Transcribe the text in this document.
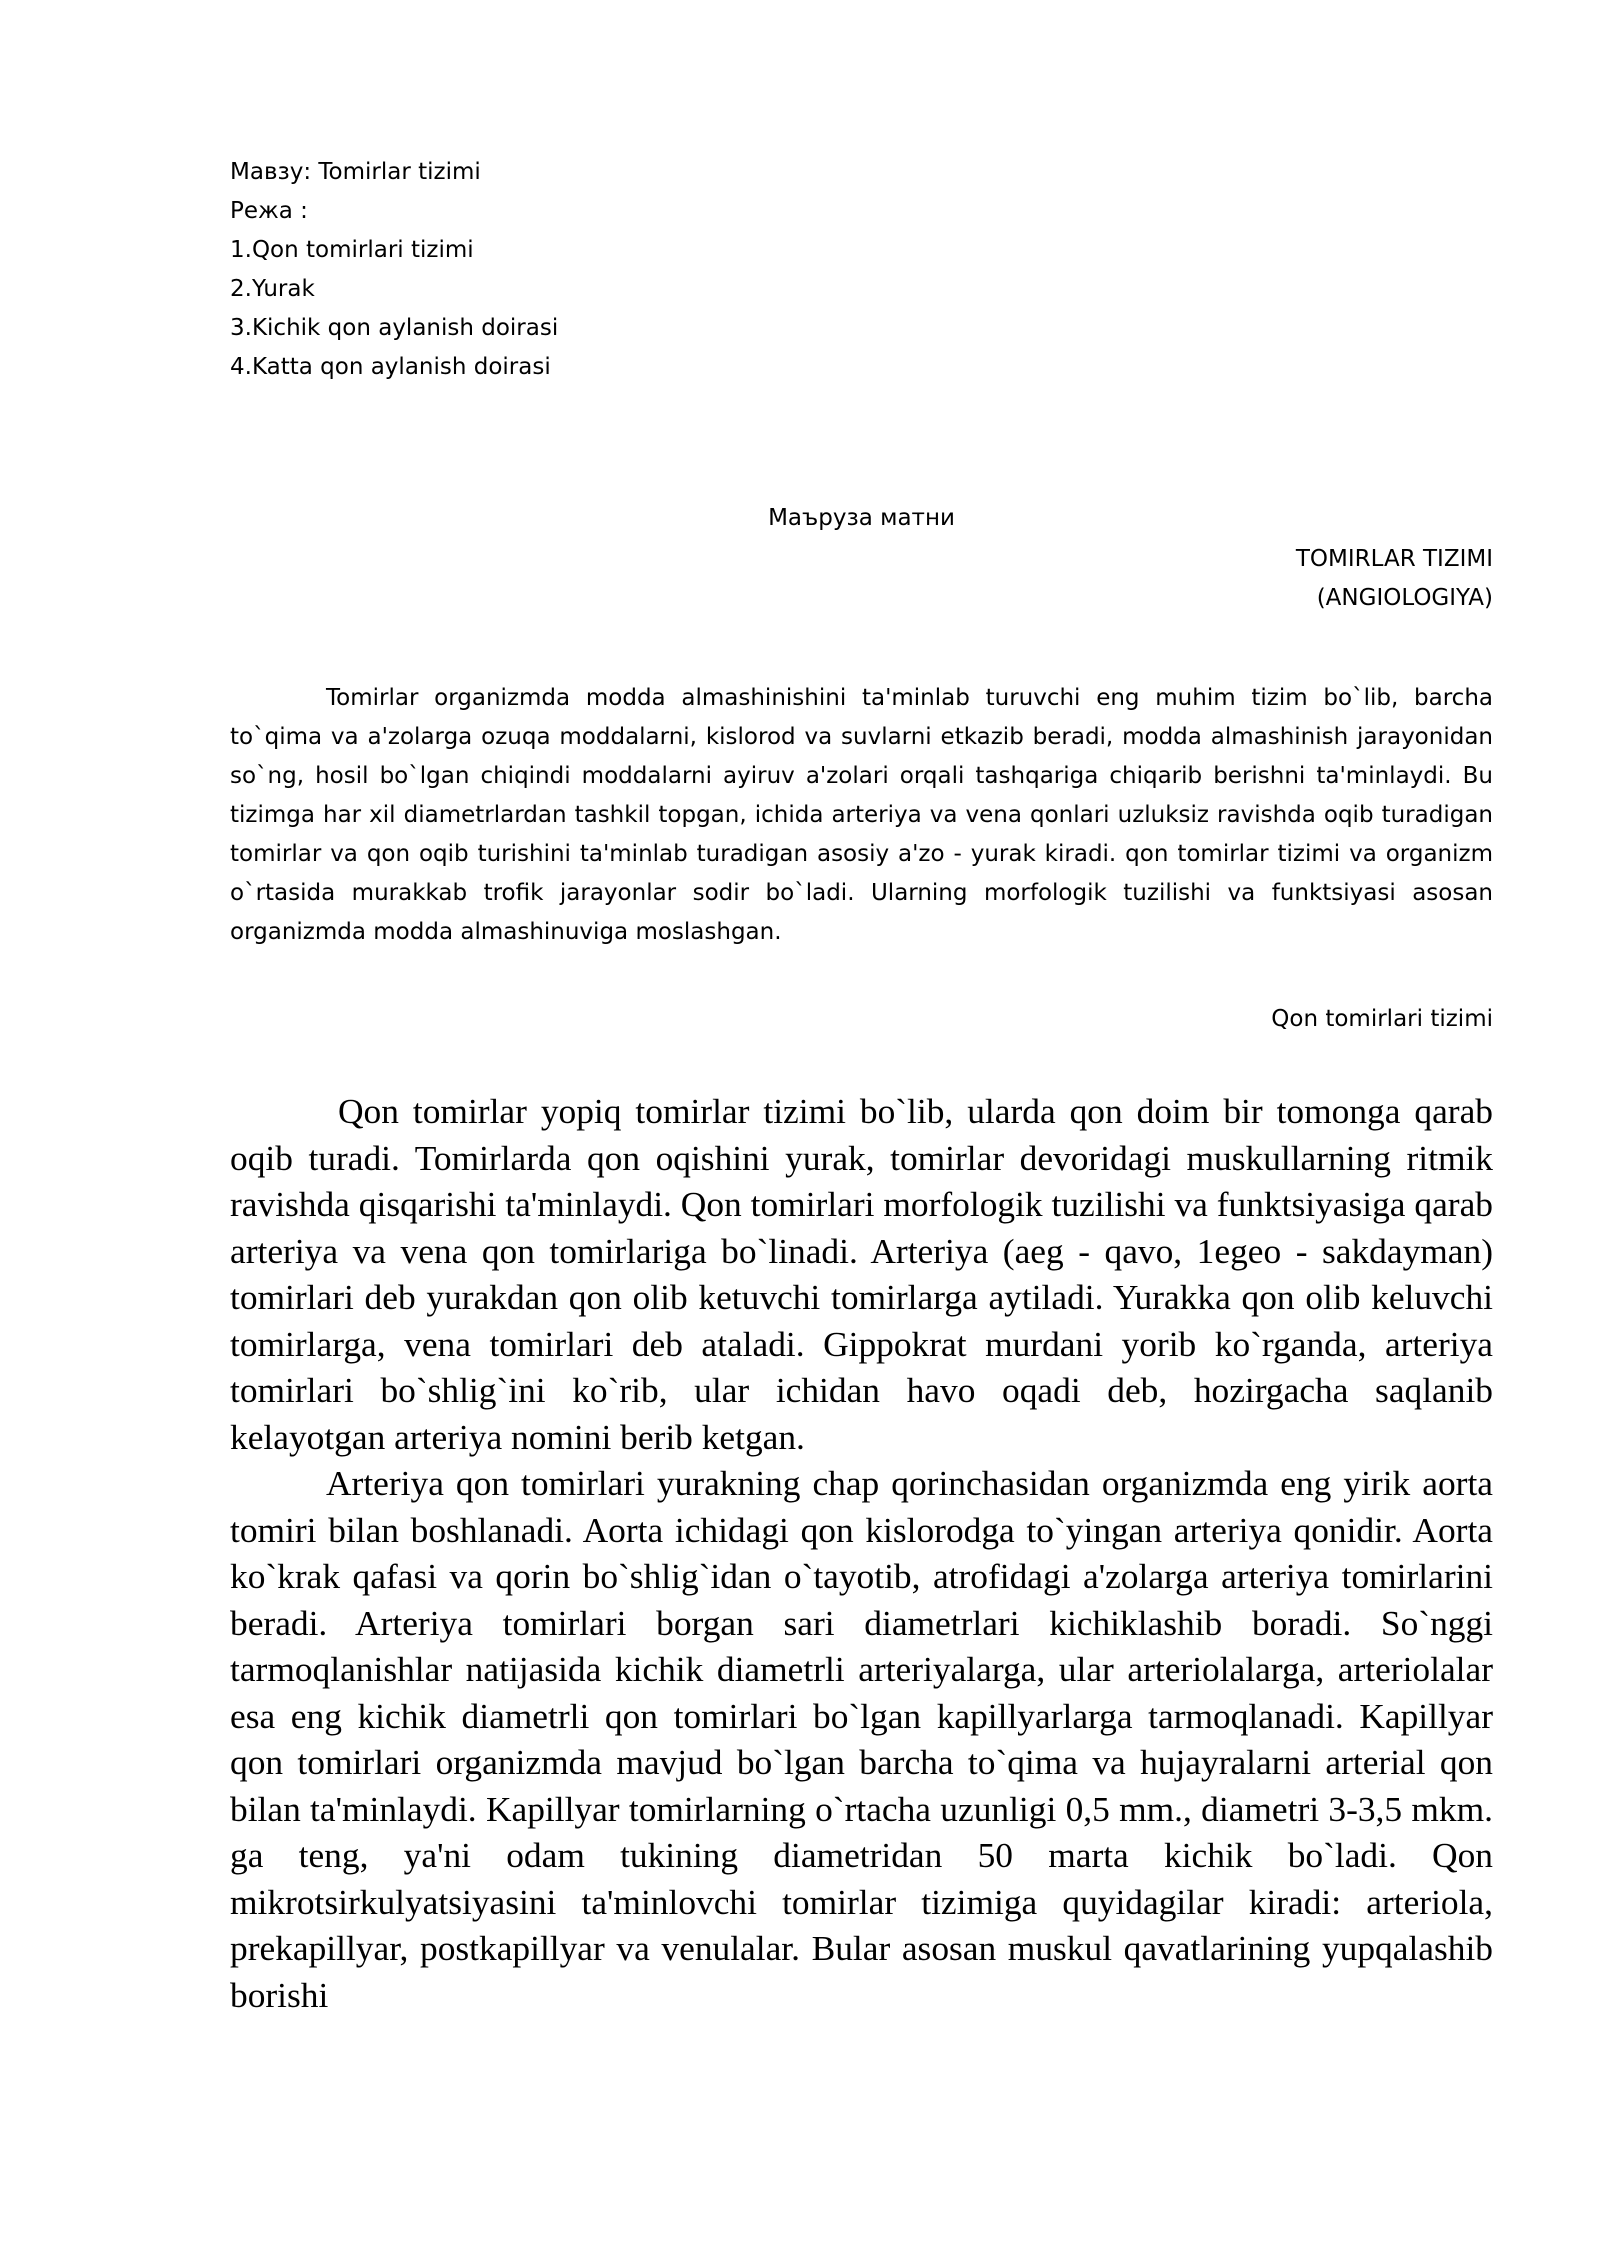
Мавзу: Tomirlar tizimi

Режа :

1.Qon tomirlari tizimi

2.Yurak

3.Kichik qon aylanish doirasi

4.Katta qon aylanish doirasi

Маъруза матни

TOMIRLAR TIZIMI

(ANGIOLOGIYA)

Tomirlar organizmda modda almashinishini ta'minlab turuvchi eng muhim tizim bo`lib, barcha to`qima va a'zolarga ozuqa moddalarni, kislorod va suvlarni etkazib beradi, modda almashinish jarayonidan so`ng, hosil bo`lgan chiqindi moddalarni ayiruv a'zolari orqali tashqariga chiqarib berishni ta'minlaydi. Bu tizimga har xil diametrlardan tashkil topgan, ichida arteriya va vena qonlari uzluksiz ravishda oqib turadigan tomirlar va qon oqib turishini ta'minlab turadigan asosiy a'zo - yurak kiradi. qon tomirlar tizimi va organizm o`rtasida murakkab trofik jarayonlar sodir bo`ladi. Ularning morfologik tuzilishi va funktsiyasi asosan organizmda modda almashinuviga moslashgan.

Qon tomirlari tizimi

Qon tomirlar yopiq tomirlar tizimi bo`lib, ularda qon doim bir tomonga qarab oqib turadi. Tomirlarda qon oqishini yurak, tomirlar devoridagi muskullarning ritmik ravishda qisqarishi ta'minlaydi. Qon tomirlari morfologik tuzilishi va funktsiyasiga qarab arteriya va vena qon tomirlariga bo`linadi. Arteriya (aeg - qavo, 1egeo - sakdayman) tomirlari deb yurakdan qon olib ketuvchi tomirlarga aytiladi. Yurakka qon olib keluvchi tomirlarga, vena tomirlari deb ataladi. Gippokrat murdani yorib ko`rganda, arteriya tomirlari bo`shlig`ini ko`rib, ular ichidan havo oqadi deb, hozirgacha saqlanib kelayotgan arteriya nomini berib ketgan.

Arteriya qon tomirlari yurakning chap qorinchasidan organizmda eng yirik aorta tomiri bilan boshlanadi. Aorta ichidagi qon kislorodga to`yingan arteriya qonidir. Aorta ko`krak qafasi va qorin bo`shlig`idan o`tayotib, atrofidagi a'zolarga arteriya tomirlarini beradi. Arteriya tomirlari borgan sari diametrlari kichiklashib boradi. So`nggi tarmoqlanishlar natijasida kichik diametrli arteriyalarga, ular arteriolalarga, arteriolalar esa eng kichik diametrli qon tomirlari bo`lgan kapillyarlarga tarmoqlanadi. Kapillyar qon tomirlari organizmda mavjud bo`lgan barcha to`qima va hujayralarni arterial qon bilan ta'minlaydi. Kapillyar tomirlarning o`rtacha uzunligi 0,5 mm., diametri 3-3,5 mkm. ga teng, ya'ni odam tukining diametridan 50 marta kichik bo`ladi. Qon mikrotsirkulyatsiyasini ta'minlovchi tomirlar tizimiga quyidagilar kiradi: arteriola, prekapillyar, postkapillyar va venulalar. Bular asosan muskul qavatlarining yupqalashib borishi
